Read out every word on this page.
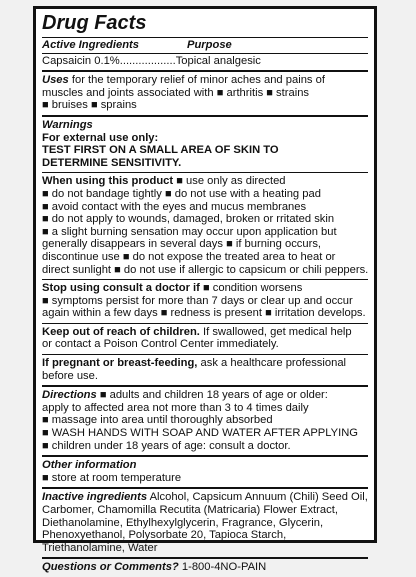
Drug Facts
Active Ingredients	Purpose
Capsaicin 0.1% .................. Topical analgesic
Uses for the temporary relief of minor aches and pains of
muscles and joints associated with ■ arthritis ■ strains
■ bruises ■ sprains
Warnings
For external use only:
TEST FIRST ON A SMALL AREA OF SKIN TO
DETERMINE SENSITIVITY.
When using this product ■ use only as directed
■ do not bandage tightly ■ do not use with a heating pad
■ avoid contact with the eyes and mucus membranes
■ do not apply to wounds, damaged, broken or rritated skin
■ a slight burning sensation may occur upon application but
generally disappears in several days ■ if burning occurs,
discontinue use ■ do not expose the treated area to heat or
direct sunlight ■ do not use if allergic to capsicum or chili peppers.
Stop using consult a doctor if ■ condition worsens
■ symptoms persist for more than 7 days or clear up and occur
again within a few days ■ redness is present ■ irritation develops.
Keep out of reach of children. If swallowed, get medical help
or contact a Poison Control Center immediately.
If pregnant or breast-feeding, ask a healthcare professional
before use.
Directions ■ adults and children 18 years of age or older:
apply to affected area not more than 3 to 4 times daily
■ massage into area until thoroughly absorbed
■ WASH HANDS WITH SOAP AND WATER AFTER APPLYING
■ children under 18 years of age: consult a doctor.
Other information
■ store at room temperature
Inactive ingredients Alcohol, Capsicum Annuum (Chili) Seed Oil,
Carbomer, Chamomilla Recutita (Matricaria) Flower Extract,
Diethanolamine, Ethylhexylglycerin, Fragrance, Glycerin,
Phenoxyethanol, Polysorbate 20, Tapioca Starch,
Triethanolamine, Water
Questions or Comments? 1-800-4NO-PAIN
